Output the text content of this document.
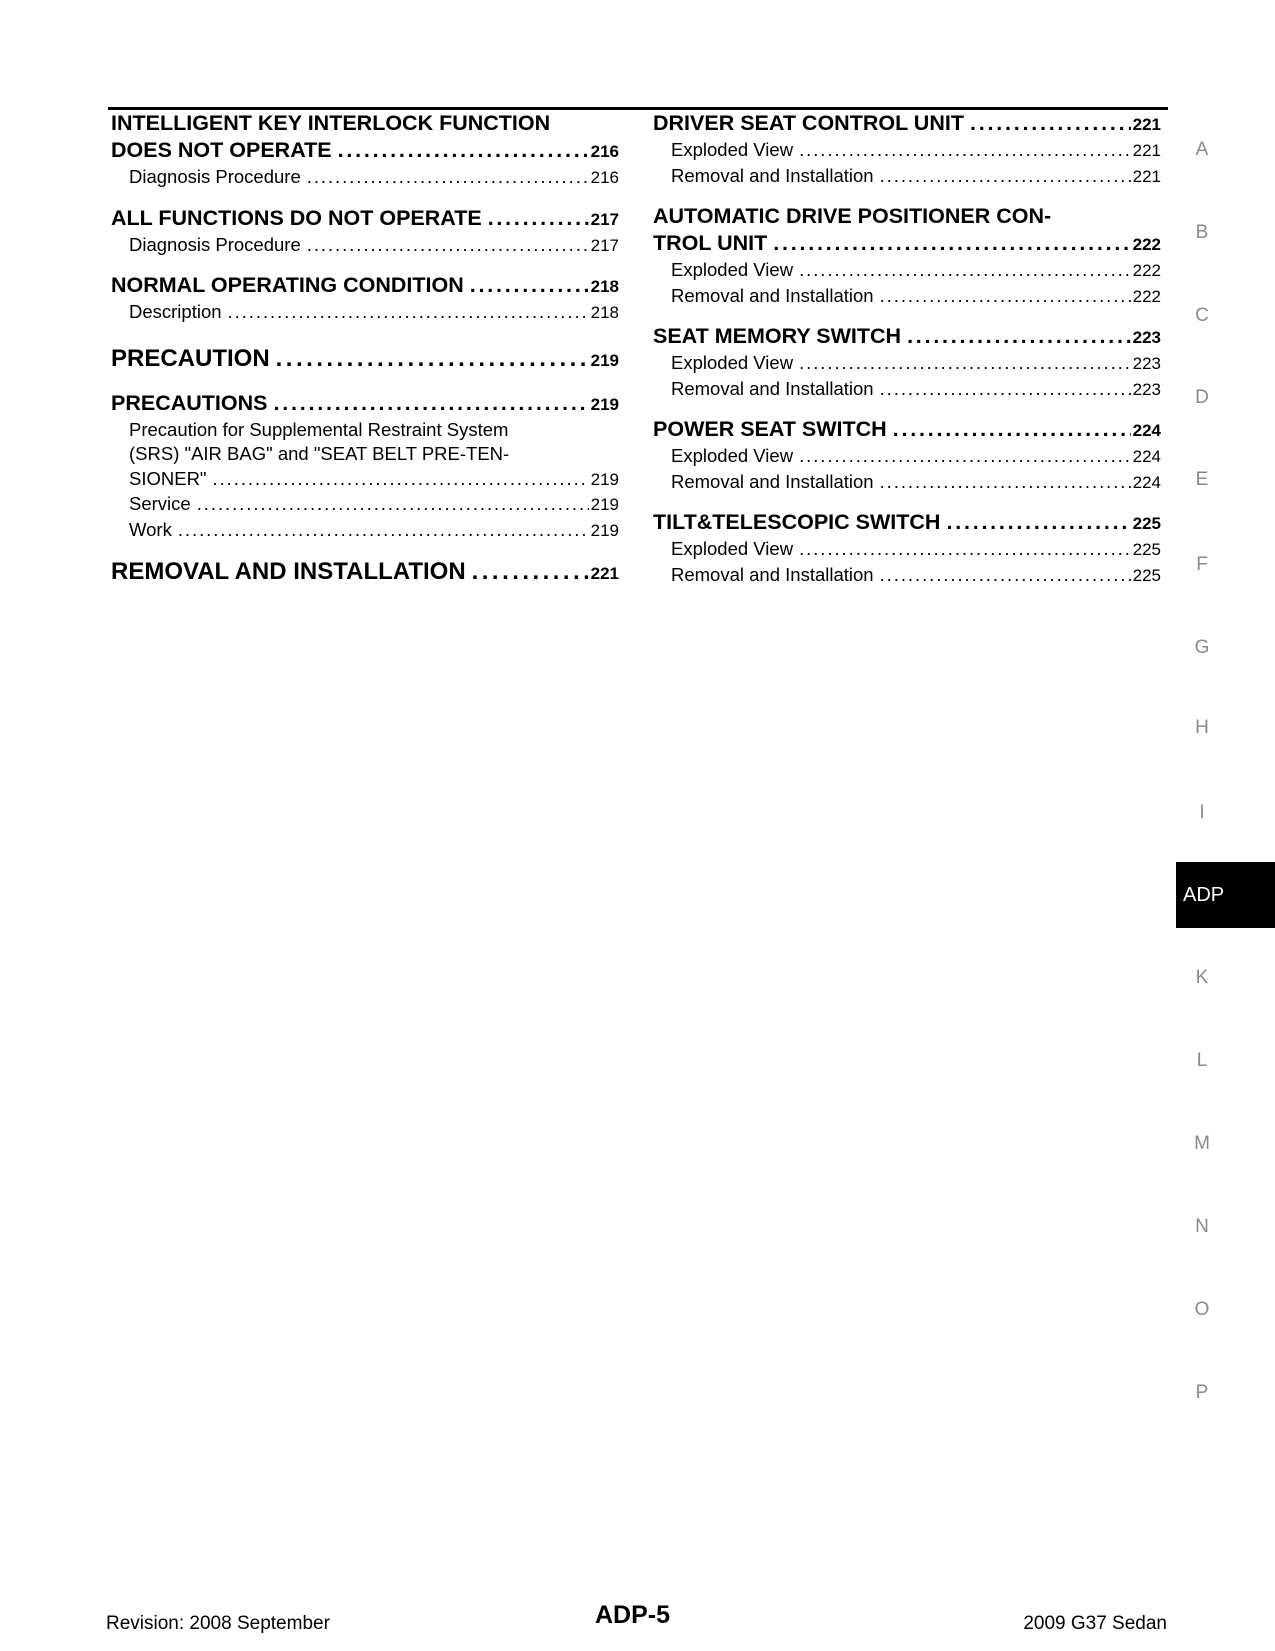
INTELLIGENT KEY INTERLOCK FUNCTION
DOES NOT OPERATE . . .	216
Diagnosis Procedure . . .	216
ALL FUNCTIONS DO NOT OPERATE . . .	217
Diagnosis Procedure . . .	217
NORMAL OPERATING CONDITION . . .	218
Description . . .	218
PRECAUTION . . .	219
PRECAUTIONS . . .	219
Precaution for Supplemental Restraint System
(SRS) "AIR BAG" and "SEAT BELT PRE-TEN-
SIONER" . . .	219
Service . . .	219
Work . . .	219
REMOVAL AND INSTALLATION . . .	221
DRIVER SEAT CONTROL UNIT . . .	221
Exploded View . . .	221
Removal and Installation . . .	221
AUTOMATIC DRIVE POSITIONER CON-
TROL UNIT . . .	222
Exploded View . . .	222
Removal and Installation . . .	222
SEAT MEMORY SWITCH . . .	223
Exploded View . . .	223
Removal and Installation . . .	223
POWER SEAT SWITCH . . .	224
Exploded View . . .	224
Removal and Installation . . .	224
TILT&TELESCOPIC SWITCH . . .	225
Exploded View . . .	225
Removal and Installation . . .	225
A
B
C
D
E
F
G
H
I
ADP
K
L
M
N
O
P
Revision: 2008 September	ADP-5	2009 G37 Sedan
